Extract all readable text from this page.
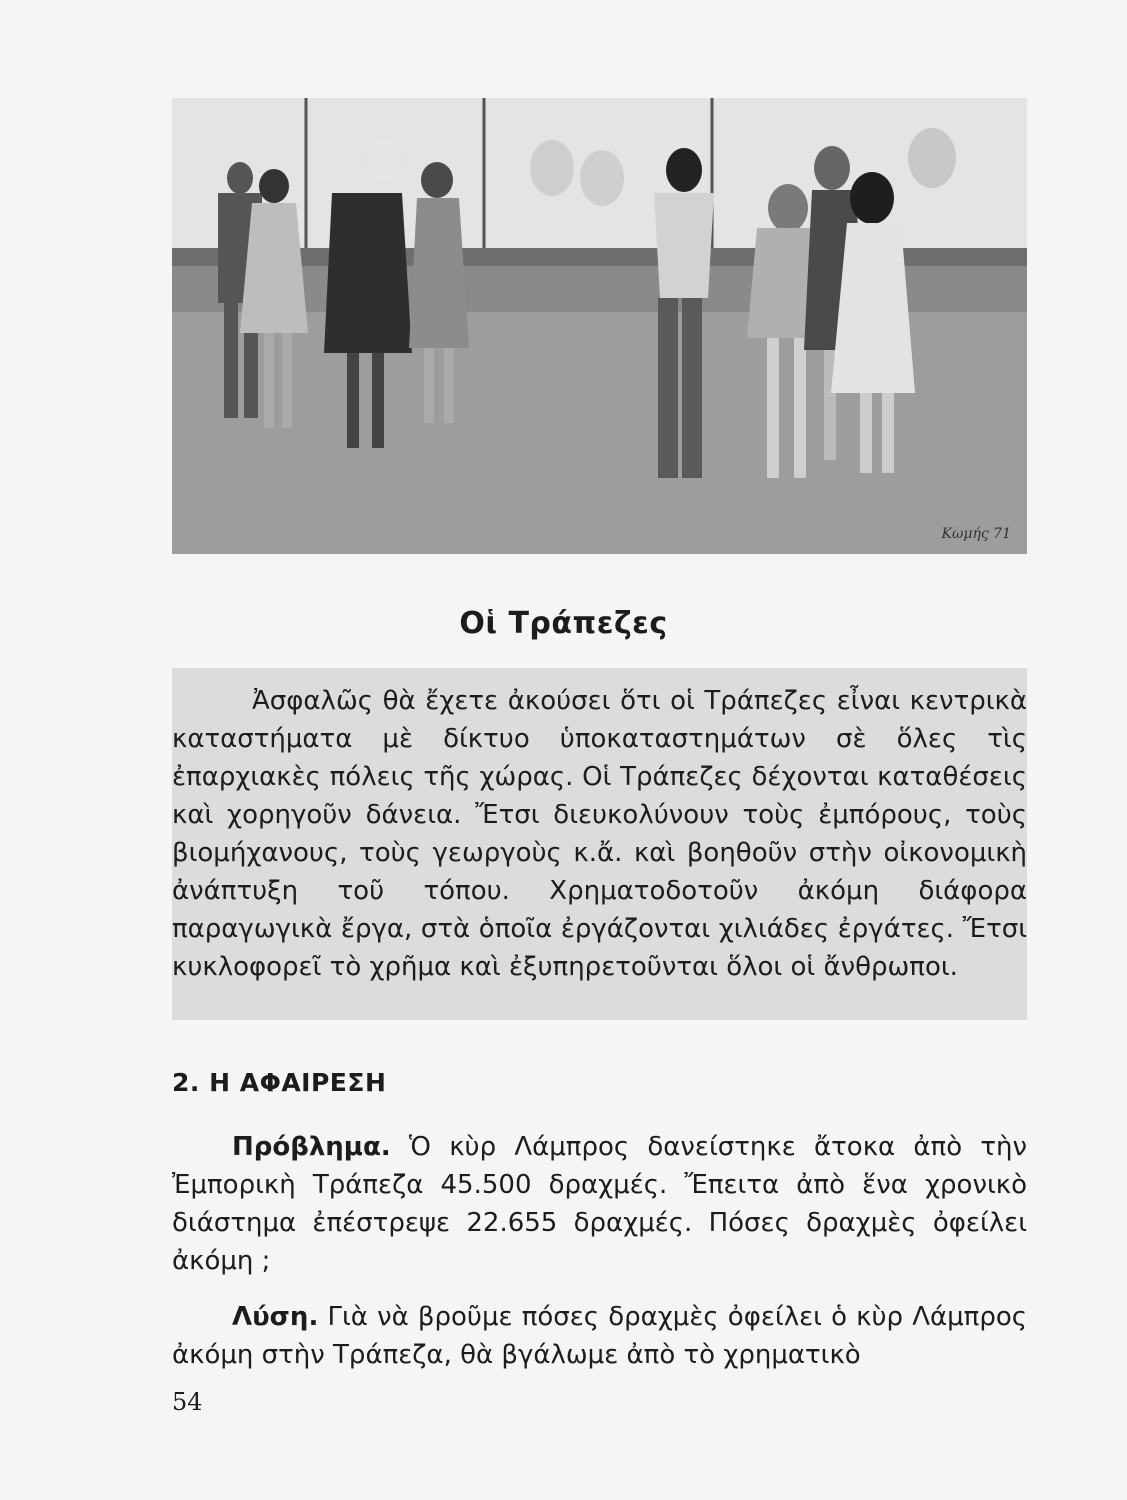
Κωμής 71
Οἱ Τράπεζες

Ἀσφαλῶς θὰ ἔχετε ἀκούσει ὅτι οἱ Τράπεζες εἶναι κεντρικὰ καταστήματα μὲ δίκτυο ὑποκαταστημάτων σὲ ὅλες τὶς ἐπαρχιακὲς πόλεις τῆς χώρας. Οἱ Τράπεζες δέχονται καταθέσεις καὶ χορηγοῦν δάνεια. Ἔτσι διευκολύνουν τοὺς ἐμπόρους, τοὺς βιομήχανους, τοὺς γεωργοὺς κ.ἄ. καὶ βοηθοῦν στὴν οἰκονομικὴ ἀνάπτυξη τοῦ τόπου. Χρηματοδοτοῦν ἀκόμη διάφορα παραγωγικὰ ἔργα, στὰ ὁποῖα ἐργάζονται χιλιάδες ἐργάτες. Ἔτσι κυκλοφορεῖ τὸ χρῆμα καὶ ἐξυπηρετοῦνται ὅλοι οἱ ἄνθρωποι.

2. Η ΑΦΑΙΡΕΣΗ

Πρόβλημα. Ὁ κὺρ Λάμπρος δανείστηκε ἄτοκα ἀπὸ τὴν Ἐμπορικὴ Τράπεζα 45.500 δραχμές. Ἔπειτα ἀπὸ ἕνα χρονικὸ διάστημα ἐπέστρεψε 22.655 δραχμές. Πόσες δραχμὲς ὀφείλει ἀκόμη ;

Λύση. Γιὰ νὰ βροῦμε πόσες δραχμὲς ὀφείλει ὁ κὺρ Λάμπρος ἀκόμη στὴν Τράπεζα, θὰ βγάλωμε ἀπὸ τὸ χρηματικὸ

54
